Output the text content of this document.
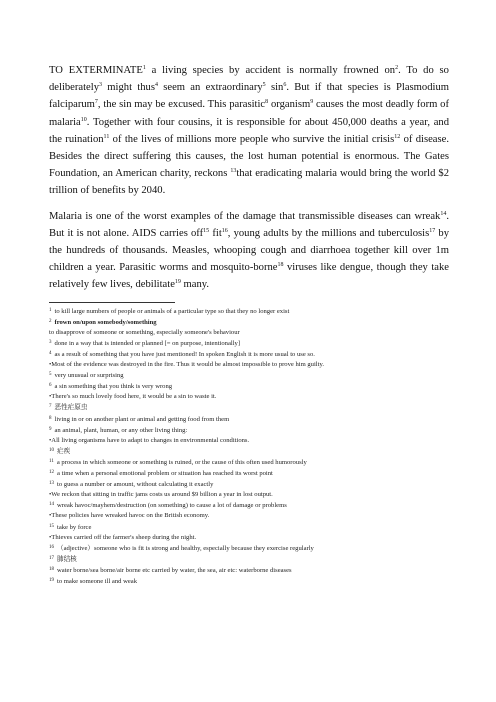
TO EXTERMINATE$^1$ a living species by accident is normally frowned $on^2$. To do so deliberately$^3$ might thus$^4$ seem an extraordinary$^5$ $\sin^6$. But if that species is Plasmodium falciparum$^7$, the sin may be excused. This parasitic$^8$ organism$^9$ causes the most deadly form of malaria$^{10}$. Together with four cousins, it is responsible for about 450,000 deaths a year, and the ruination$^{11}$ of the lives of millions more people who survive the initial crisis$^{12}$ of disease. Besides the direct suffering this causes, the lost human potential is enormous. The Gates Foundation, an American charity, reckons $^{13}$that eradicating malaria would bring the world $2 trillion of benefits by 2040.

Malaria is one of the worst examples of the damage that transmissible diseases can wreak$^{14}$. But it is not alone. AIDS carries off$^{15}$ fit$^{16}$, young adults by the millions and tuberculosis$^{17}$ by the hundreds of thousands. Measles, whooping cough and diarrhoea together kill over 1m children a year. Parasitic worms and mosquito-borne$^{18}$ viruses like dengue, though they take relatively few lives, debilitate$^{19}$ many.

1 to kill large numbers of people or animals of a particular type so that they no longer exist
2 frown on/upon somebody/something
to disapprove of someone or something, especially someone's behaviour
3 done in a way that is intended or planned [= on purpose, intentionally]
4 as a result of something that you have just mentioned! In spoken English it is more usual to use so.
•Most of the evidence was destroyed in the fire. Thus it would be almost impossible to prove him guilty.
5 very unusual or surprising
6 a sin something that you think is very wrong
•There's so much lovely food here, it would be a sin to waste it.
7 恶性疟原虫
8 living in or on another plant or animal and getting food from them
9 an animal, plant, human, or any other living thing:
•All living organisms have to adapt to changes in environmental conditions.
10 疟疾
11 a process in which someone or something is ruined, or the cause of this often used humorously
12 a time when a personal emotional problem or situation has reached its worst point
13 to guess a number or amount, without calculating it exactly
•We reckon that sitting in traffic jams costs us around $9 billion a year in lost output.
14 wreak havoc/mayhem/destruction (on something) to cause a lot of damage or problems
•These policies have wreaked havoc on the British economy.
15 take by force
•Thieves carried off the farmer's sheep during the night.
16 （adjective）someone who is fit is strong and healthy, especially because they exercise regularly
17 肺结核
18 water borne/sea borne/air borne etc carried by water, the sea, air etc: waterborne diseases
19 to make someone ill and weak
